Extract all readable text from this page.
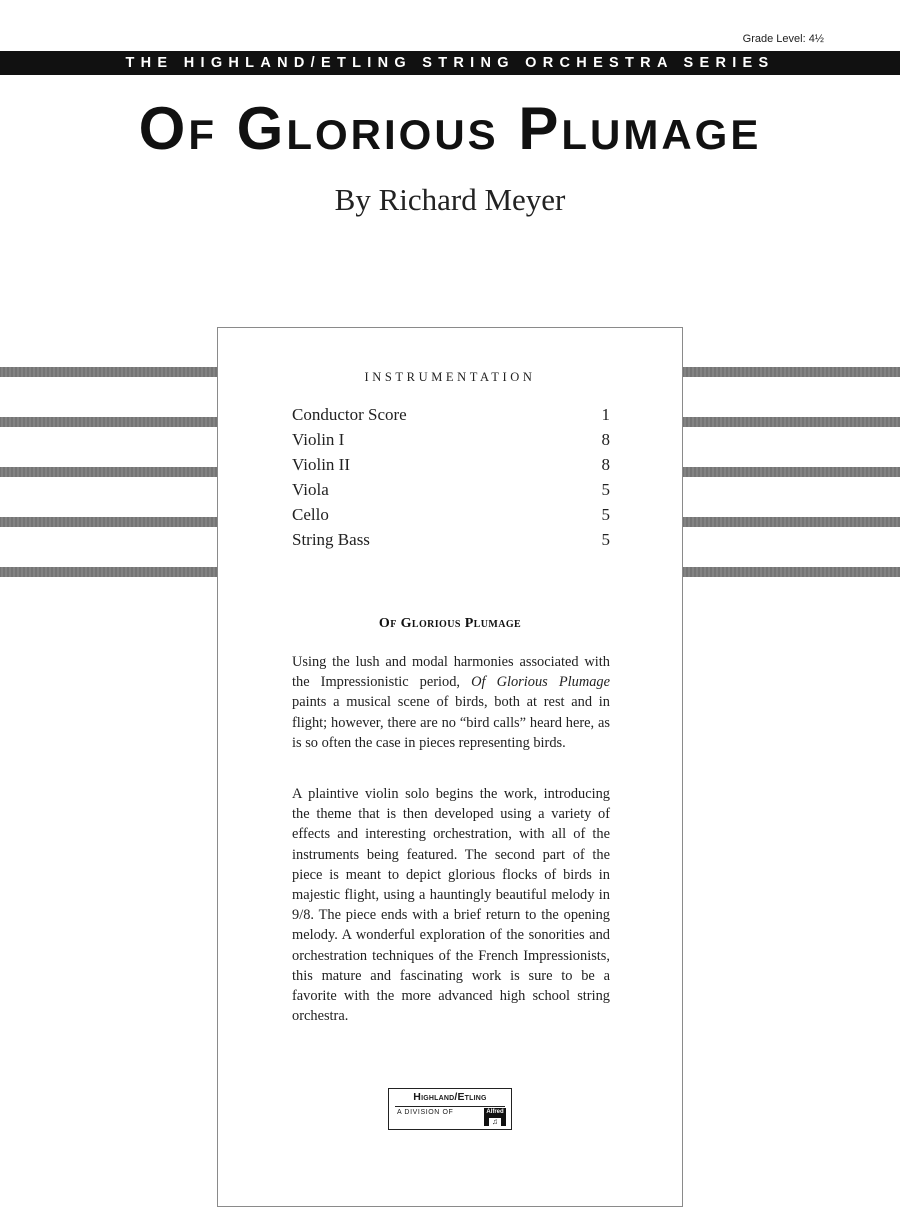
Grade Level: 4½
THE HIGHLAND/ETLING STRING ORCHESTRA SERIES
Of Glorious Plumage
By Richard Meyer
INSTRUMENTATION
Conductor Score	1
Violin I	8
Violin II	8
Viola	5
Cello	5
String Bass	5
Of Glorious Plumage

Using the lush and modal harmonies associated with the Impressionistic period, Of Glorious Plumage paints a musical scene of birds, both at rest and in flight; however, there are no “bird calls” heard here, as is so often the case in pieces representing birds.

A plaintive violin solo begins the work, introducing the theme that is then developed using a variety of effects and interesting orchestration, with all of the instruments being featured. The second part of the piece is meant to depict glorious flocks of birds in majestic flight, using a hauntingly beautiful melody in 9/8. The piece ends with a brief return to the opening melody. A wonderful exploration of the sonorities and orchestration techniques of the French Impressionists, this mature and fascinating work is sure to be a favorite with the more advanced high school string orchestra.

Highland/Etling
A DIVISION OF	Alfred
♫
